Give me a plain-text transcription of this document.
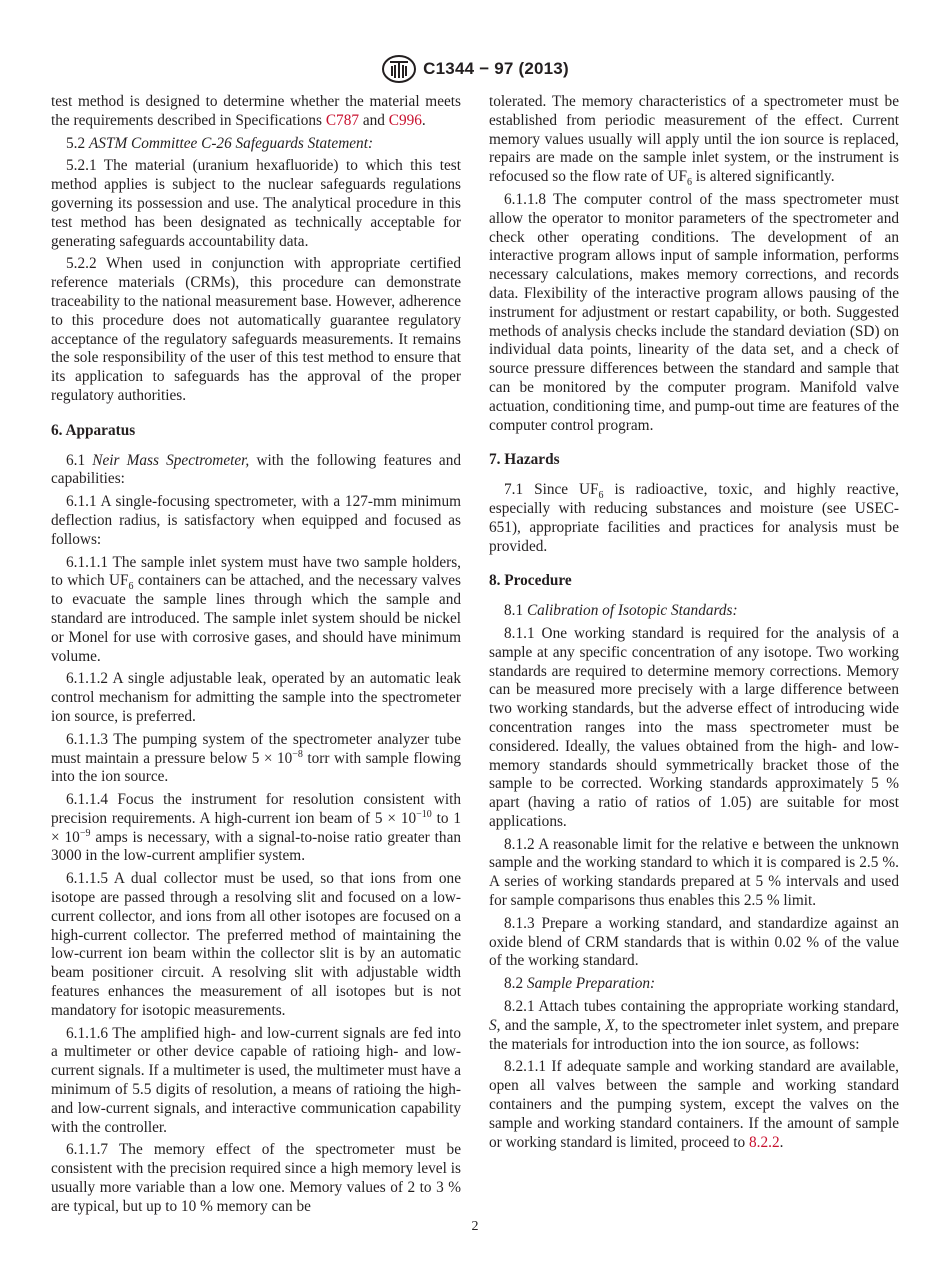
C1344 − 97 (2013)

test method is designed to determine whether the material meets the requirements described in Specifications C787 and C996.

5.2 ASTM Committee C-26 Safeguards Statement:

5.2.1 The material (uranium hexafluoride) to which this test method applies is subject to the nuclear safeguards regulations governing its possession and use. The analytical procedure in this test method has been designated as technically acceptable for generating safeguards accountability data.

5.2.2 When used in conjunction with appropriate certified reference materials (CRMs), this procedure can demonstrate traceability to the national measurement base. However, adherence to this procedure does not automatically guarantee regulatory acceptance of the regulatory safeguards measurements. It remains the sole responsibility of the user of this test method to ensure that its application to safeguards has the approval of the proper regulatory authorities.

6. Apparatus

6.1 Neir Mass Spectrometer, with the following features and capabilities:

6.1.1 A single-focusing spectrometer, with a 127-mm minimum deflection radius, is satisfactory when equipped and focused as follows:

6.1.1.1 The sample inlet system must have two sample holders, to which $UF_6$ containers can be attached, and the necessary valves to evacuate the sample lines through which the sample and standard are introduced. The sample inlet system should be nickel or Monel for use with corrosive gases, and should have minimum volume.

6.1.1.2 A single adjustable leak, operated by an automatic leak control mechanism for admitting the sample into the spectrometer ion source, is preferred.

6.1.1.3 The pumping system of the spectrometer analyzer tube must maintain a pressure below $5 \times 10^{-8}$ torr with sample flowing into the ion source.

6.1.1.4 Focus the instrument for resolution consistent with precision requirements. A high-current ion beam of $5 \times 10^{-10}$ to $1 \times 10^{-9}$ amps is necessary, with a signal-to-noise ratio greater than 3000 in the low-current amplifier system.

6.1.1.5 A dual collector must be used, so that ions from one isotope are passed through a resolving slit and focused on a low-current collector, and ions from all other isotopes are focused on a high-current collector. The preferred method of maintaining the low-current ion beam within the collector slit is by an automatic beam positioner circuit. A resolving slit with adjustable width features enhances the measurement of all isotopes but is not mandatory for isotopic measurements.

6.1.1.6 The amplified high- and low-current signals are fed into a multimeter or other device capable of ratioing high- and low-current signals. If a multimeter is used, the multimeter must have a minimum of 5.5 digits of resolution, a means of ratioing the high- and low-current signals, and interactive communication capability with the controller.

6.1.1.7 The memory effect of the spectrometer must be consistent with the precision required since a high memory level is usually more variable than a low one. Memory values of 2 to 3 % are typical, but up to 10 % memory can be

tolerated. The memory characteristics of a spectrometer must be established from periodic measurement of the effect. Current memory values usually will apply until the ion source is replaced, repairs are made on the sample inlet system, or the instrument is refocused so the flow rate of $UF_6$ is altered significantly.

6.1.1.8 The computer control of the mass spectrometer must allow the operator to monitor parameters of the spectrometer and check other operating conditions. The development of an interactive program allows input of sample information, performs necessary calculations, makes memory corrections, and records data. Flexibility of the interactive program allows pausing of the instrument for adjustment or restart capability, or both. Suggested methods of analysis checks include the standard deviation (SD) on individual data points, linearity of the data set, and a check of source pressure differences between the standard and sample that can be monitored by the computer program. Manifold valve actuation, conditioning time, and pump-out time are features of the computer control program.

7. Hazards

7.1 Since $UF_6$ is radioactive, toxic, and highly reactive, especially with reducing substances and moisture (see USEC-651), appropriate facilities and practices for analysis must be provided.

8. Procedure

8.1 Calibration of Isotopic Standards:

8.1.1 One working standard is required for the analysis of a sample at any specific concentration of any isotope. Two working standards are required to determine memory corrections. Memory can be measured more precisely with a large difference between two working standards, but the adverse effect of introducing wide concentration ranges into the mass spectrometer must be considered. Ideally, the values obtained from the high- and low-memory standards should symmetrically bracket those of the sample to be corrected. Working standards approximately 5 % apart (having a ratio of ratios of 1.05) are suitable for most applications.

8.1.2 A reasonable limit for the relative e between the unknown sample and the working standard to which it is compared is 2.5 %. A series of working standards prepared at 5 % intervals and used for sample comparisons thus enables this 2.5 % limit.

8.1.3 Prepare a working standard, and standardize against an oxide blend of CRM standards that is within 0.02 % of the value of the working standard.

8.2 Sample Preparation:

8.2.1 Attach tubes containing the appropriate working standard, S, and the sample, X, to the spectrometer inlet system, and prepare the materials for introduction into the ion source, as follows:

8.2.1.1 If adequate sample and working standard are available, open all valves between the sample and working standard containers and the pumping system, except the valves on the sample and working standard containers. If the amount of sample or working standard is limited, proceed to 8.2.2.

2
